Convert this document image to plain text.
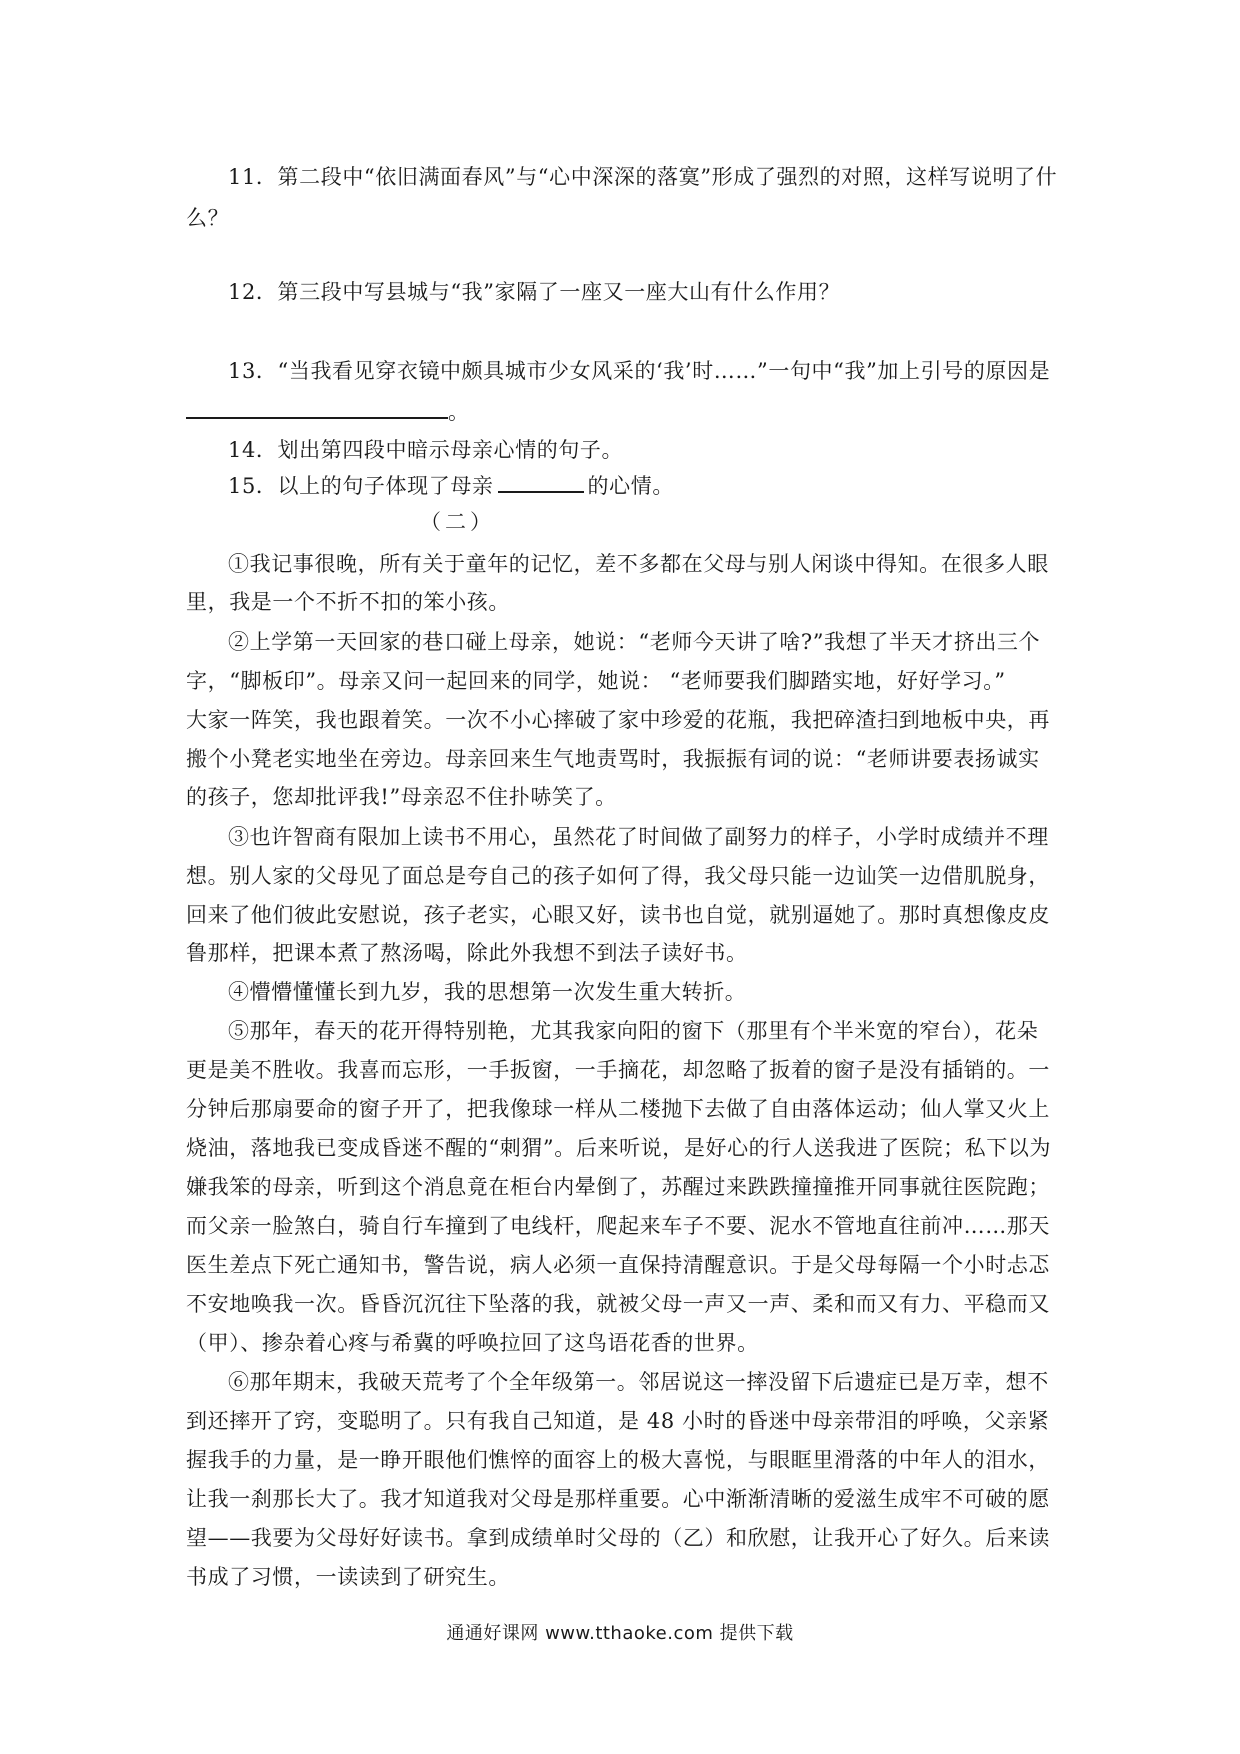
11．第二段中“依旧满面春风”与“心中深深的落寞”形成了强烈的对照，这样写说明了什
么？
12．第三段中写县城与“我”家隔了一座又一座大山有什么作用？
13．“当我看见穿衣镜中颇具城市少女风采的‘我’时……”一句中“我”加上引号的原因是
。
14．划出第四段中暗示母亲心情的句子。
15．以上的句子体现了母亲	的心情。
（二）
①我记事很晚，所有关于童年的记忆，差不多都在父母与别人闲谈中得知。在很多人眼
里，我是一个不折不扣的笨小孩。
②上学第一天回家的巷口碰上母亲，她说：“老师今天讲了啥?”我想了半天才挤出三个
字，“脚板印”。母亲又问一起回来的同学，她说： “老师要我们脚踏实地，好好学习。”
大家一阵笑，我也跟着笑。一次不小心摔破了家中珍爱的花瓶，我把碎渣扫到地板中央，再
搬个小凳老实地坐在旁边。母亲回来生气地责骂时，我振振有词的说：“老师讲要表扬诚实
的孩子，您却批评我!”母亲忍不住扑哧笑了。
③也许智商有限加上读书不用心，虽然花了时间做了副努力的样子，小学时成绩并不理
想。别人家的父母见了面总是夸自己的孩子如何了得，我父母只能一边讪笑一边借肌脱身，
回来了他们彼此安慰说，孩子老实，心眼又好，读书也自觉，就别逼她了。那时真想像皮皮
鲁那样，把课本煮了熬汤喝，除此外我想不到法子读好书。
④懵懵懂懂长到九岁，我的思想第一次发生重大转折。
⑤那年，春天的花开得特别艳，尤其我家向阳的窗下（那里有个半米宽的窄台），花朵
更是美不胜收。我喜而忘形，一手扳窗，一手摘花，却忽略了扳着的窗子是没有插销的。一
分钟后那扇要命的窗子开了，把我像球一样从二楼抛下去做了自由落体运动；仙人掌又火上
烧油，落地我已变成昏迷不醒的“刺猬”。后来听说，是好心的行人送我进了医院；私下以为
嫌我笨的母亲，听到这个消息竟在柜台内晕倒了，苏醒过来跌跌撞撞推开同事就往医院跑；
而父亲一脸煞白，骑自行车撞到了电线杆，爬起来车子不要、泥水不管地直往前冲……那天
医生差点下死亡通知书，警告说，病人必须一直保持清醒意识。于是父母每隔一个小时忐忑
不安地唤我一次。昏昏沉沉往下坠落的我，就被父母一声又一声、柔和而又有力、平稳而又
（甲）、掺杂着心疼与希冀的呼唤拉回了这鸟语花香的世界。
⑥那年期末，我破天荒考了个全年级第一。邻居说这一摔没留下后遗症已是万幸，想不
到还摔开了窍，变聪明了。只有我自己知道，是 48 小时的昏迷中母亲带泪的呼唤，父亲紧
握我手的力量，是一睁开眼他们憔悴的面容上的极大喜悦，与眼眶里滑落的中年人的泪水，
让我一刹那长大了。我才知道我对父母是那样重要。心中渐渐清晰的爱滋生成牢不可破的愿
望——我要为父母好好读书。拿到成绩单时父母的（乙）和欣慰，让我开心了好久。后来读
书成了习惯，一读读到了研究生。
通通好课网 www.tthaoke.com 提供下载
